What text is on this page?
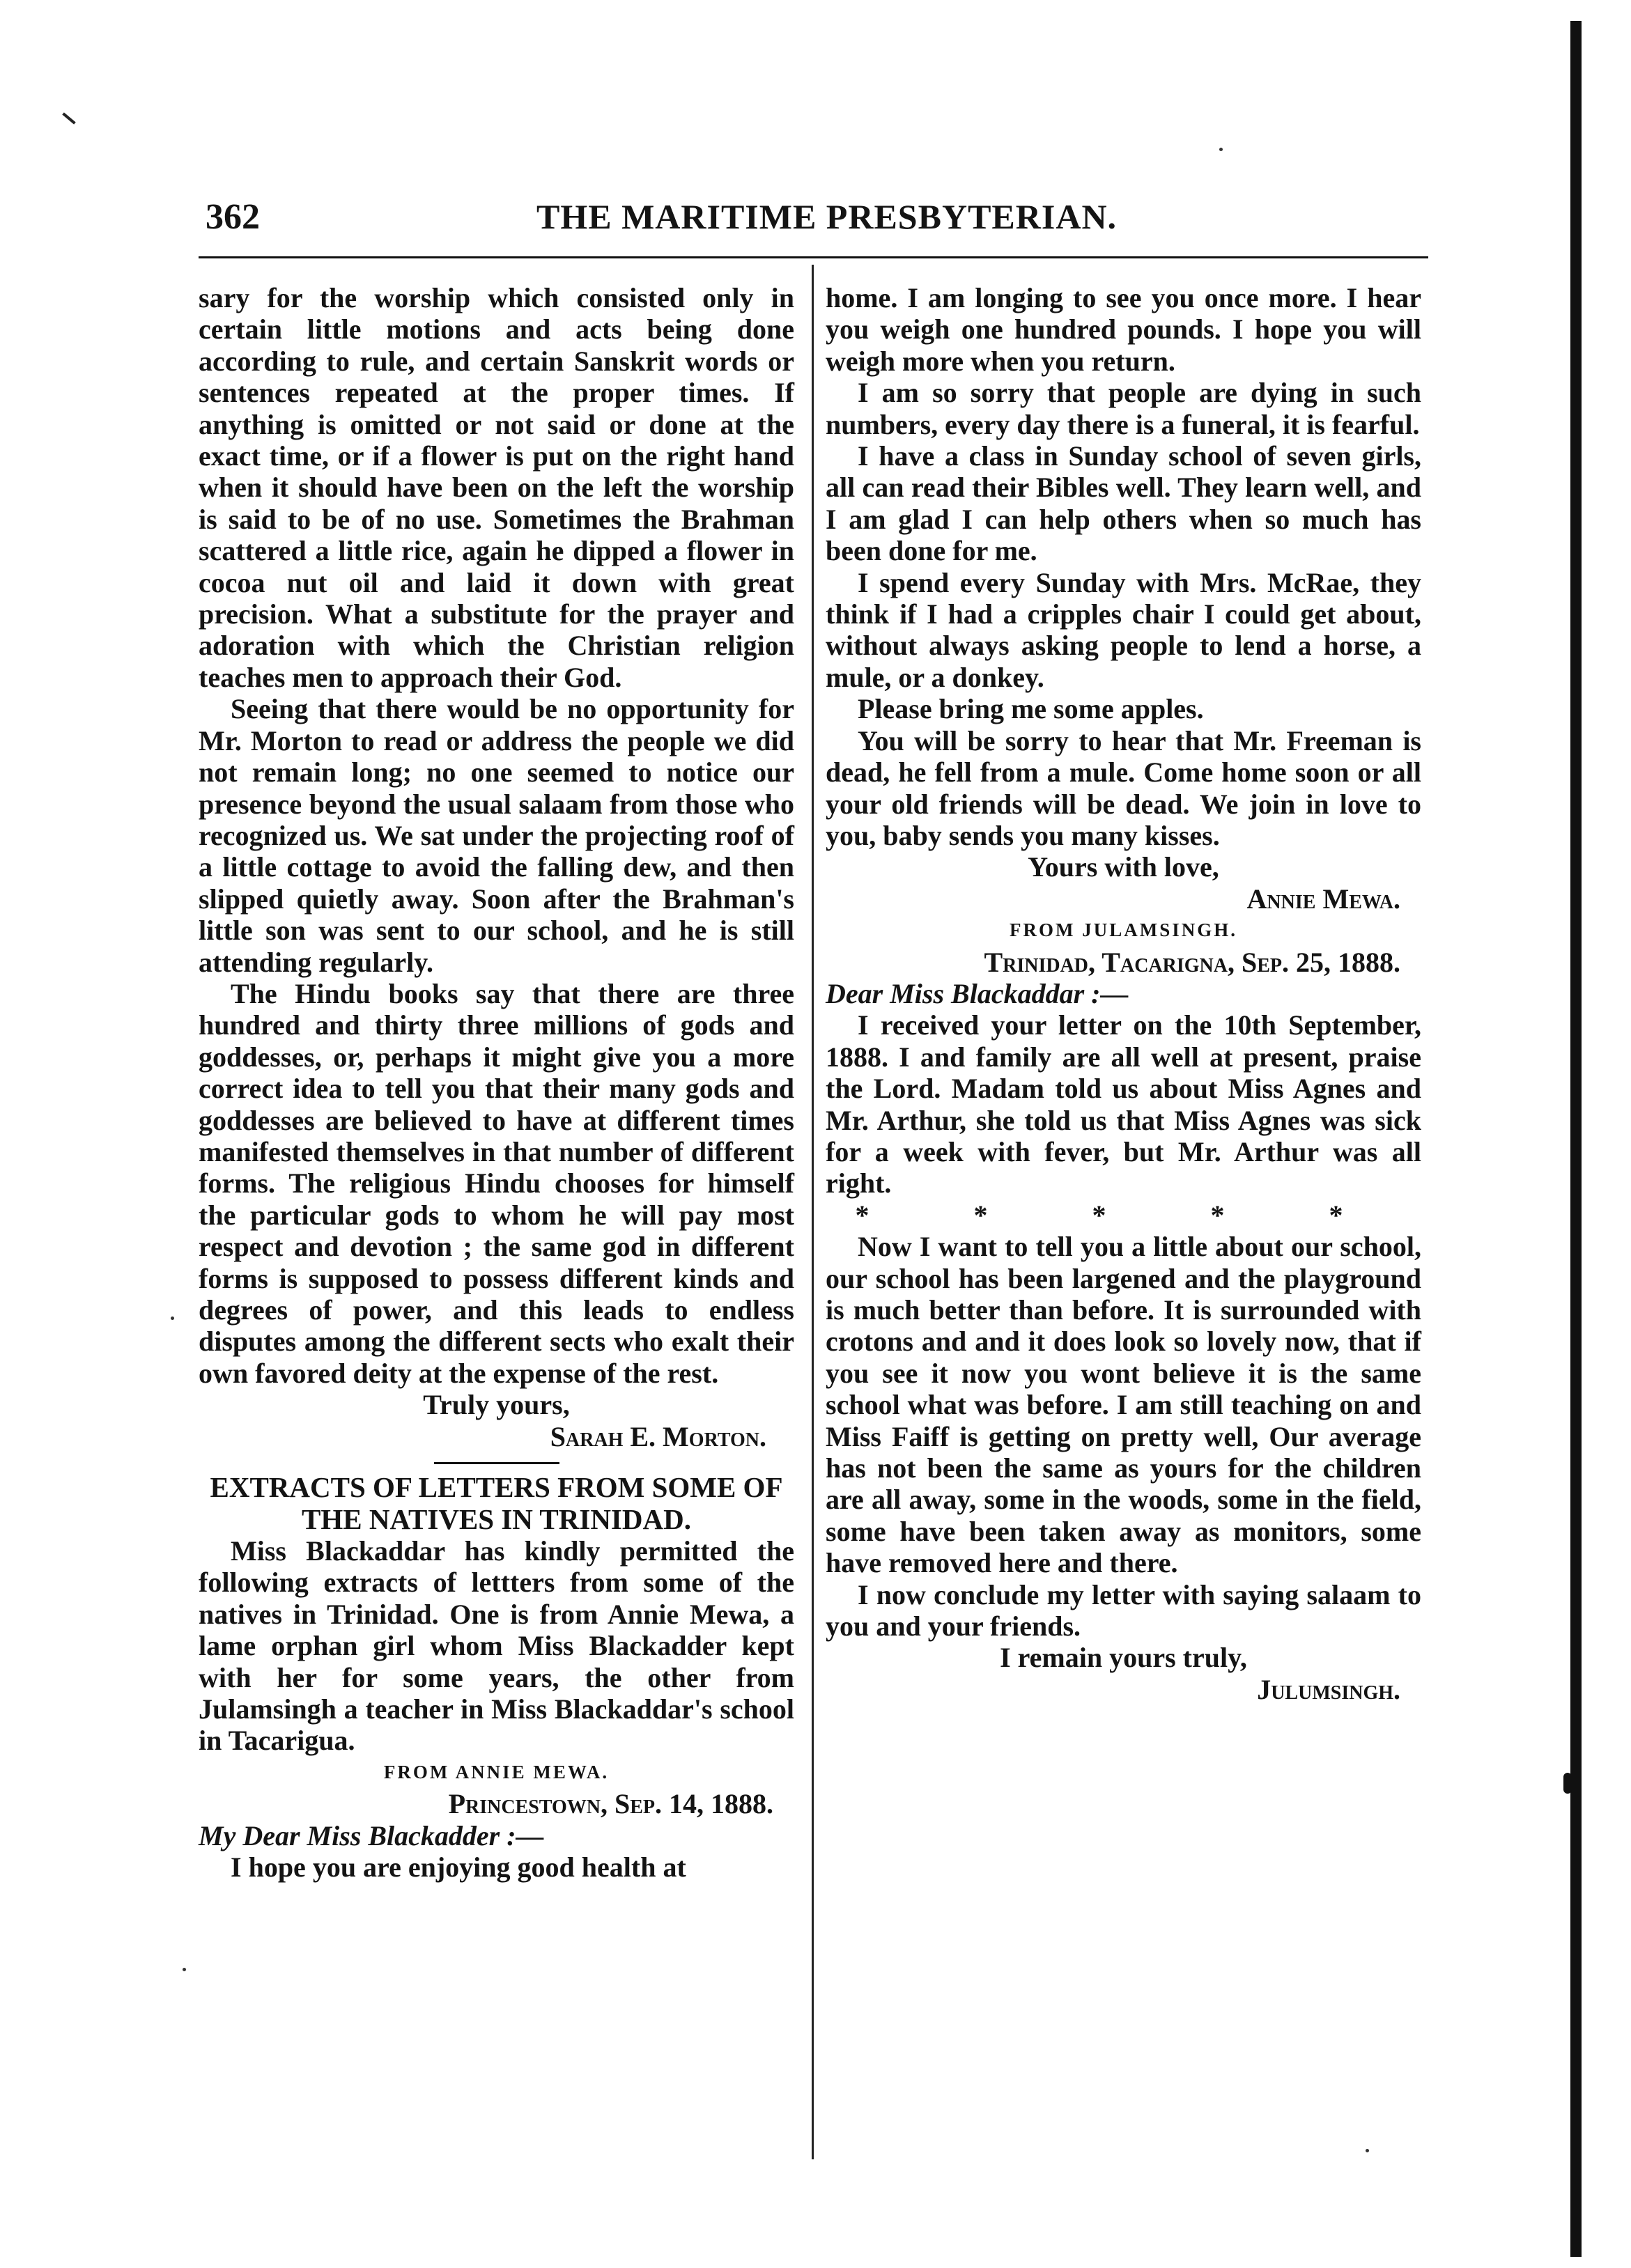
362	THE MARITIME PRESBYTERIAN.

sary for the worship which consisted only in certain little motions and acts being done according to rule, and certain Sanskrit words or sentences repeated at the proper times. If anything is omitted or not said or done at the exact time, or if a flower is put on the right hand when it should have been on the left the worship is said to be of no use. Sometimes the Brahman scattered a little rice, again he dipped a flower in cocoa nut oil and laid it down with great precision. What a substitute for the prayer and adoration with which the Christian religion teaches men to approach their God.

Seeing that there would be no opportunity for Mr. Morton to read or address the people we did not remain long; no one seemed to notice our presence beyond the usual salaam from those who recognized us. We sat under the projecting roof of a little cottage to avoid the falling dew, and then slipped quietly away. Soon after the Brahman's little son was sent to our school, and he is still attending regularly.

The Hindu books say that there are three hundred and thirty three millions of gods and goddesses, or, perhaps it might give you a more correct idea to tell you that their many gods and goddesses are believed to have at different times manifested themselves in that number of different forms. The religious Hindu chooses for himself the particular gods to whom he will pay most respect and devotion ; the same god in different forms is supposed to possess different kinds and degrees of power, and this leads to endless disputes among the different sects who exalt their own favored deity at the expense of the rest.

Truly yours,

Sarah E. Morton.

EXTRACTS OF LETTERS FROM SOME OF THE NATIVES IN TRINIDAD.

Miss Blackaddar has kindly permitted the following extracts of lettters from some of the natives in Trinidad. One is from Annie Mewa, a lame orphan girl whom Miss Blackadder kept with her for some years, the other from Julamsingh a teacher in Miss Blackaddar's school in Tacarigua.

FROM ANNIE MEWA.

Princestown, Sep. 14, 1888.

My Dear Miss Blackadder :—

I hope you are enjoying good health at

home. I am longing to see you once more. I hear you weigh one hundred pounds. I hope you will weigh more when you return.

I am so sorry that people are dying in such numbers, every day there is a funeral, it is fearful.

I have a class in Sunday school of seven girls, all can read their Bibles well. They learn well, and I am glad I can help others when so much has been done for me.

I spend every Sunday with Mrs. McRae, they think if I had a cripples chair I could get about, without always asking people to lend a horse, a mule, or a donkey.

Please bring me some apples.

You will be sorry to hear that Mr. Freeman is dead, he fell from a mule. Come home soon or all your old friends will be dead. We join in love to you, baby sends you many kisses.

Yours with love,

Annie Mewa.

FROM JULAMSINGH.

Trinidad, Tacarigna, Sep. 25, 1888.

Dear Miss Blackaddar :—

I received your letter on the 10th September, 1888. I and family are all well at present, praise the Lord. Madam told us about Miss Agnes and Mr. Arthur, she told us that Miss Agnes was sick for a week with fever, but Mr. Arthur was all right.

* * * * *

Now I want to tell you a little about our school, our school has been largened and the playground is much better than before. It is surrounded with crotons and and it does look so lovely now, that if you see it now you wont believe it is the same school what was before. I am still teaching on and Miss Faiff is getting on pretty well, Our average has not been the same as yours for the children are all away, some in the woods, some in the field, some have been taken away as monitors, some have removed here and there.

I now conclude my letter with saying salaam to you and your friends.

I remain yours truly,

Julumsingh.
